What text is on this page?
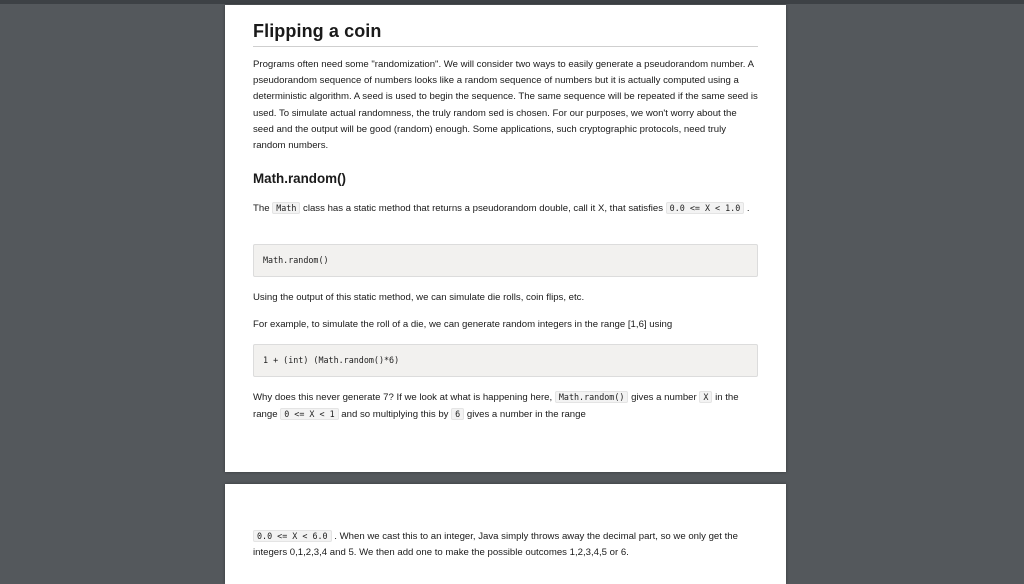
Flipping a coin

Programs often need some "randomization". We will consider two ways to easily generate a pseudorandom number. A pseudorandom sequence of numbers looks like a random sequence of numbers but it is actually computed using a deterministic algorithm. A seed is used to begin the sequence. The same sequence will be repeated if the same seed is used. To simulate actual randomness, the truly random sed is chosen. For our purposes, we won't worry about the seed and the output will be good (random) enough. Some applications, such cryptographic protocols, need truly random numbers.

Math.random()

The Math class has a static method that returns a pseudorandom double, call it X, that satisfies 0.0 <= X < 1.0 .

Math.random()

Using the output of this static method, we can simulate die rolls, coin flips, etc.

For example, to simulate the roll of a die, we can generate random integers in the range [1,6] using

1 + (int) (Math.random()*6)

Why does this never generate 7? If we look at what is happening here, Math.random() gives a number X in the range 0 <= X < 1 and so multiplying this by 6 gives a number in the range

0.0 <= X < 6.0 . When we cast this to an integer, Java simply throws away the decimal part, so we only get the integers 0,1,2,3,4 and 5. We then add one to make the possible outcomes 1,2,3,4,5 or 6.
